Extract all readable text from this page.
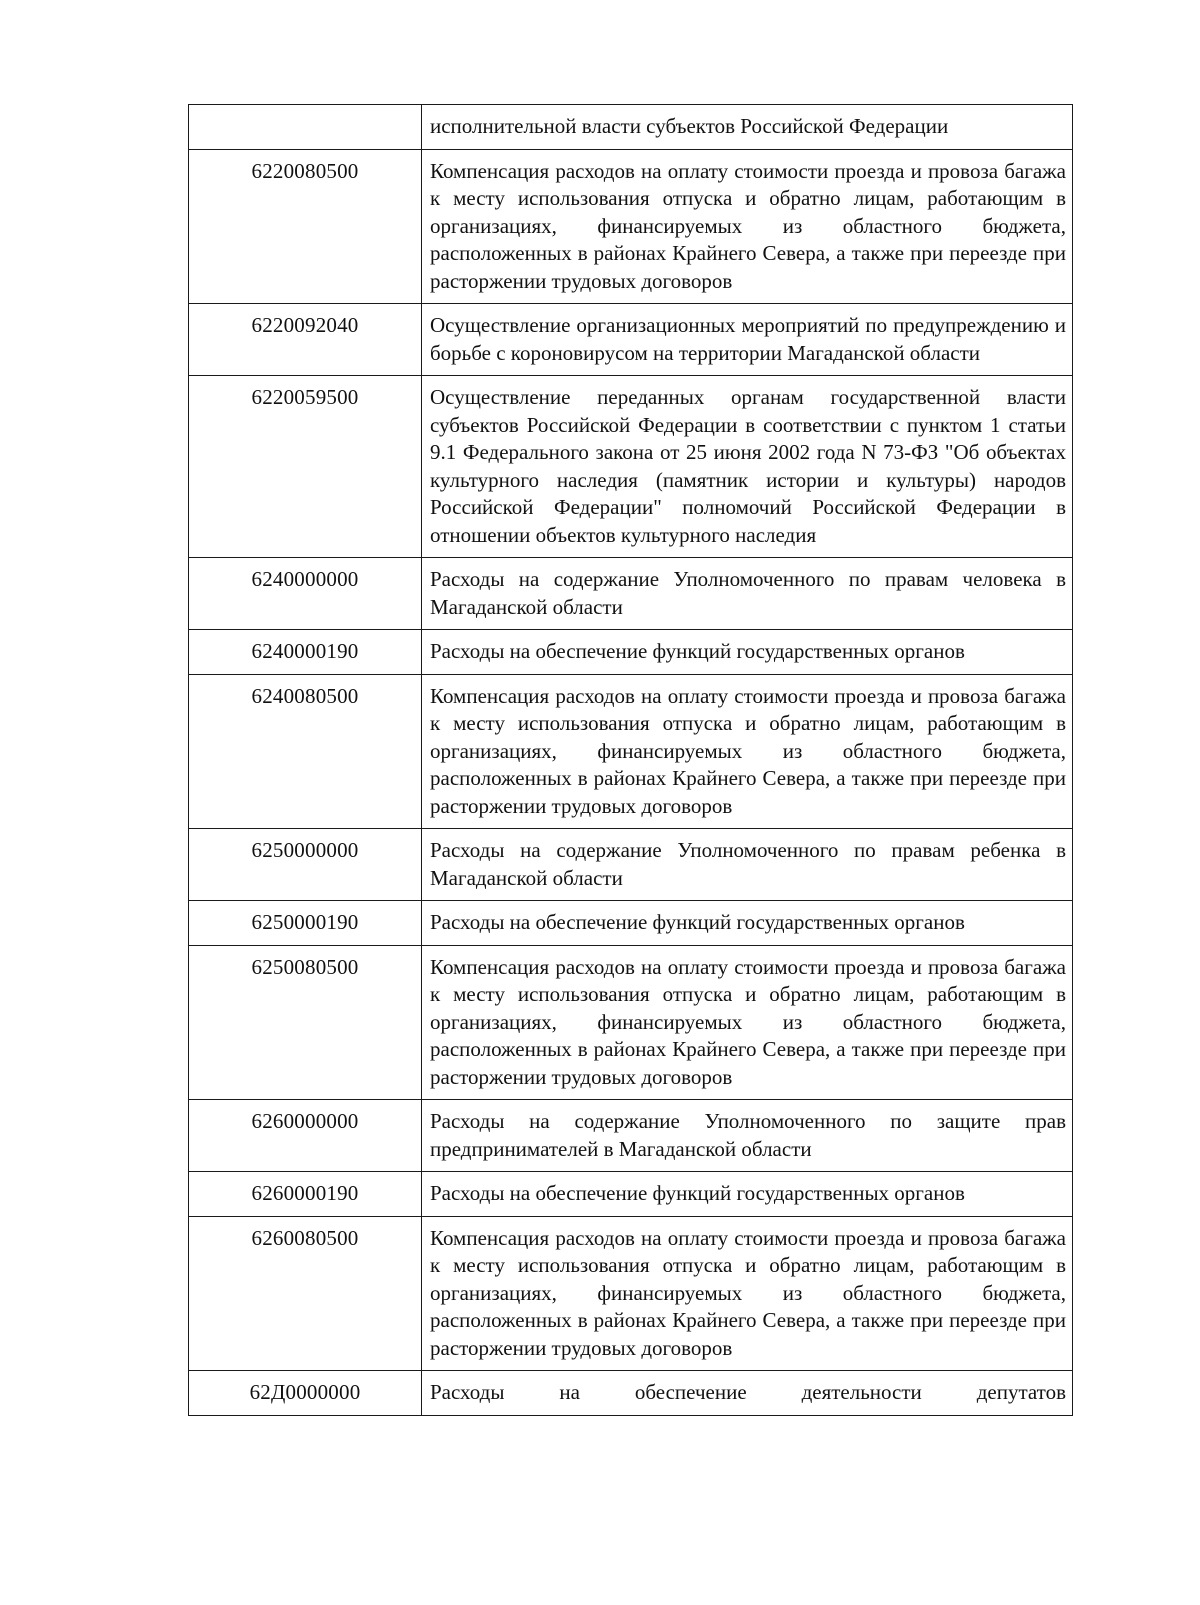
	исполнительной власти субъектов Российской Федерации
6220080500	Компенсация расходов на оплату стоимости проезда и провоза багажа к месту использования отпуска и обратно лицам, работающим в организациях, финансируемых из областного бюджета, расположенных в районах Крайнего Севера, а также при переезде при расторжении трудовых договоров
6220092040	Осуществление организационных мероприятий по предупреждению и борьбе с короновирусом на территории Магаданской области
6220059500	Осуществление переданных органам государственной власти субъектов Российской Федерации в соответствии с пунктом 1 статьи 9.1 Федерального закона от 25 июня 2002 года N 73-ФЗ "Об объектах культурного наследия (памятник истории и культуры) народов Российской Федерации" полномочий Российской Федерации в отношении объектов культурного наследия
6240000000	Расходы на содержание Уполномоченного по правам человека в Магаданской области
6240000190	Расходы на обеспечение функций государственных органов
6240080500	Компенсация расходов на оплату стоимости проезда и провоза багажа к месту использования отпуска и обратно лицам, работающим в организациях, финансируемых из областного бюджета, расположенных в районах Крайнего Севера, а также при переезде при расторжении трудовых договоров
6250000000	Расходы на содержание Уполномоченного по правам ребенка в Магаданской области
6250000190	Расходы на обеспечение функций государственных органов
6250080500	Компенсация расходов на оплату стоимости проезда и провоза багажа к месту использования отпуска и обратно лицам, работающим в организациях, финансируемых из областного бюджета, расположенных в районах Крайнего Севера, а также при переезде при расторжении трудовых договоров
6260000000	Расходы на содержание Уполномоченного по защите прав предпринимателей в Магаданской области
6260000190	Расходы на обеспечение функций государственных органов
6260080500	Компенсация расходов на оплату стоимости проезда и провоза багажа к месту использования отпуска и обратно лицам, работающим в организациях, финансируемых из областного бюджета, расположенных в районах Крайнего Севера, а также при переезде при расторжении трудовых договоров
62Д0000000	Расходы на обеспечение деятельности депутатов
